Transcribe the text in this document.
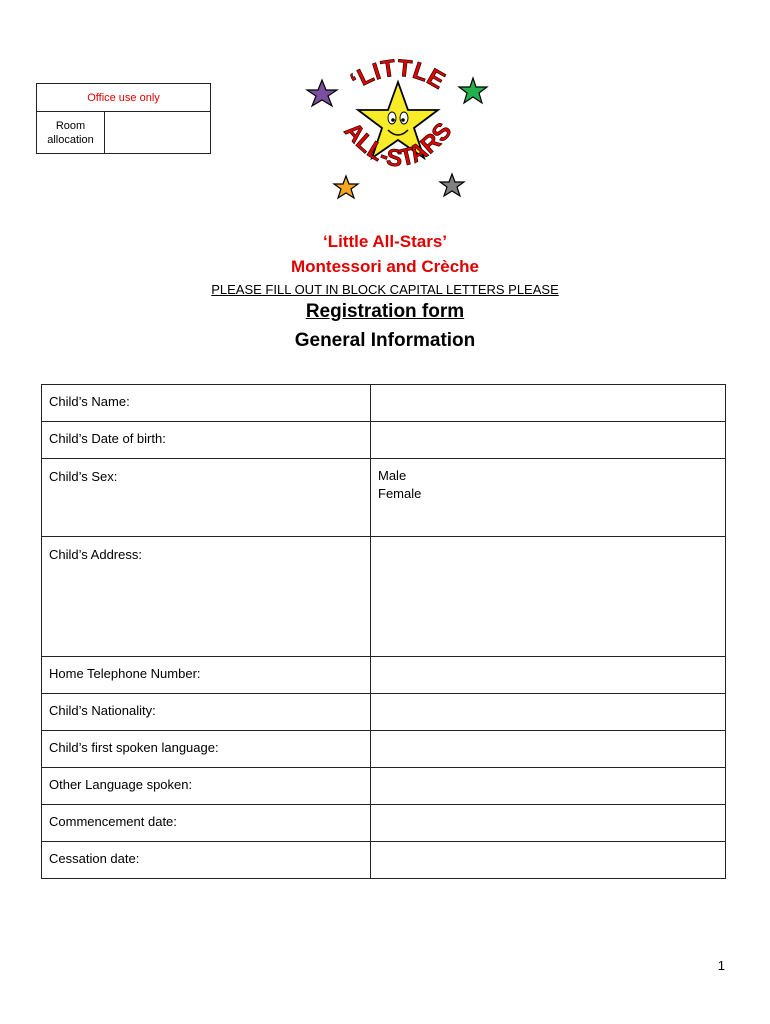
Office use only
Room
allocation
‘LITTLE
ALL-STARS
‘Little All-Stars’
Montessori and Crèche
PLEASE FILL OUT IN BLOCK CAPITAL LETTERS PLEASE
Registration form
General Information
Child’s Name:	
Child’s Date of birth:	
Child’s Sex:	Male
Female

Child’s Address:	
Home Telephone Number:	
Child’s Nationality:	
Child’s first spoken language:	
Other Language spoken:	
Commencement date:	
Cessation date:	
1
